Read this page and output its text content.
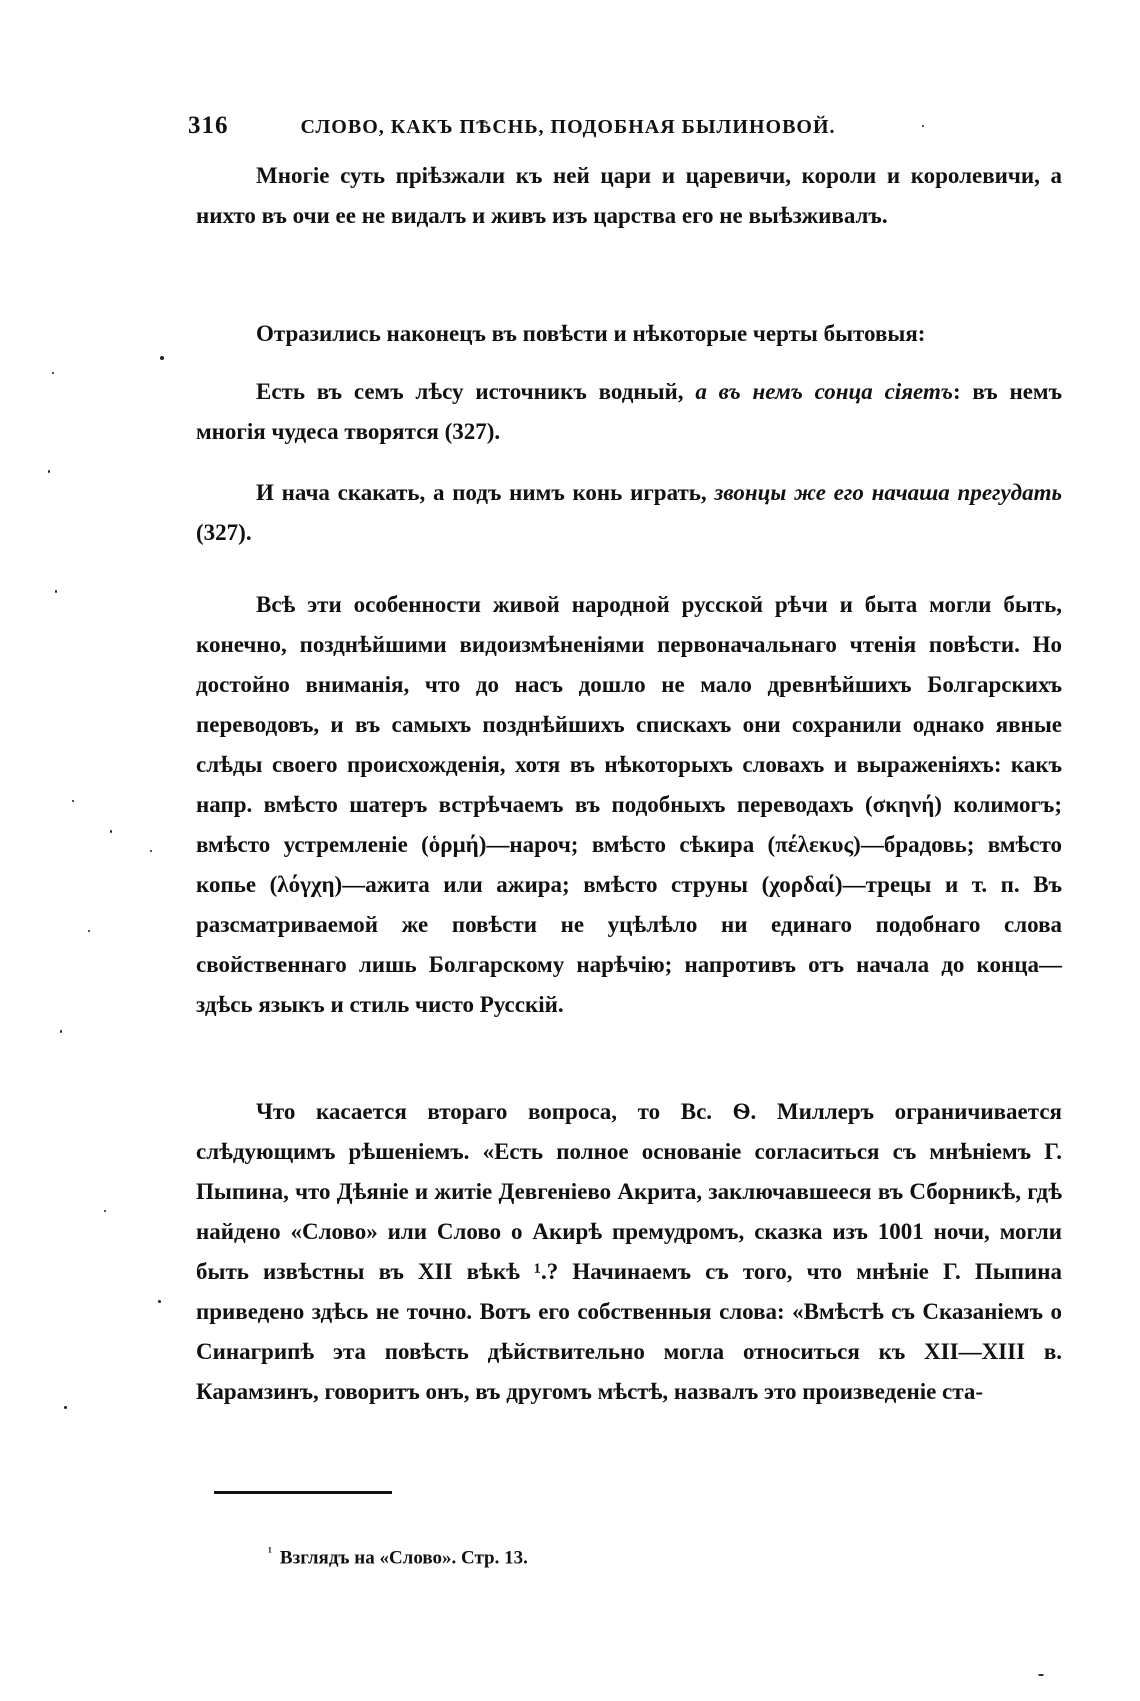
316	СЛОВО, КАКЪ ПѢСНЬ, ПОДОБНАЯ БЫЛИНОВОЙ.
Многіе суть пріѣзжали къ ней цари и царевичи, короли и королевичи, а нихто въ очи ее не видалъ и живъ изъ царства его не выѣзживалъ.
Отразились наконецъ въ повѣсти и нѣкоторые черты бытовыя:
Есть въ семъ лѣсу источникъ водный, а въ немъ сонца сіяетъ: въ немъ многія чудеса творятся (327).
И нача скакать, а подъ нимъ конь играть, звонцы же его начаша прегудать (327).
Всѣ эти особенности живой народной русской рѣчи и быта могли быть, конечно, позднѣйшими видоизмѣненіями первоначальнаго чтенія повѣсти. Но достойно вниманія, что до насъ дошло не мало древнѣйшихъ Болгарскихъ переводовъ, и въ самыхъ позднѣйшихъ спискахъ они сохранили однако явные слѣды своего происхожденія, хотя въ нѣкоторыхъ словахъ и выраженіяхъ: какъ напр. вмѣсто шатеръ встрѣчаемъ въ подобныхъ переводахъ (σκηνή) колимогъ; вмѣсто устремленіе (ὁρμή)—нароч; вмѣсто сѣкира (πέλεκυς)—брадовь; вмѣсто копье (λόγχη)—ажита или ажира; вмѣсто струны (χορδαί)—трецы и т. п. Въ разсматриваемой же повѣсти не уцѣлѣло ни единаго подобнаго слова свойственнаго лишь Болгарскому нарѣчію; напротивъ отъ начала до конца—здѣсь языкъ и стиль чисто Русскій.
Что касается втораго вопроса, то Вс. Ѳ. Миллеръ ограничивается слѣдующимъ рѣшеніемъ. «Есть полное основаніе согласиться съ мнѣніемъ Г. Пыпина, что Дѣяніе и житіе Девгеніево Акрита, заключавшееся въ Сборникѣ, гдѣ найдено «Слово» или Слово о Акирѣ премудромъ, сказка изъ 1001 ночи, могли быть извѣстны въ XII вѣкѣ ¹.? Начинаемъ съ того, что мнѣніе Г. Пыпина приведено здѣсь не точно. Вотъ его собственныя слова: «Вмѣстѣ съ Сказаніемъ о Синагрипѣ эта повѣсть дѣйствительно могла относиться къ XII—XIII в. Карамзинъ, говоритъ онъ, въ другомъ мѣстѣ, назвалъ это произведеніе ста-
$^{^1}$ Взглядъ на «Слово». Стр. 13.
